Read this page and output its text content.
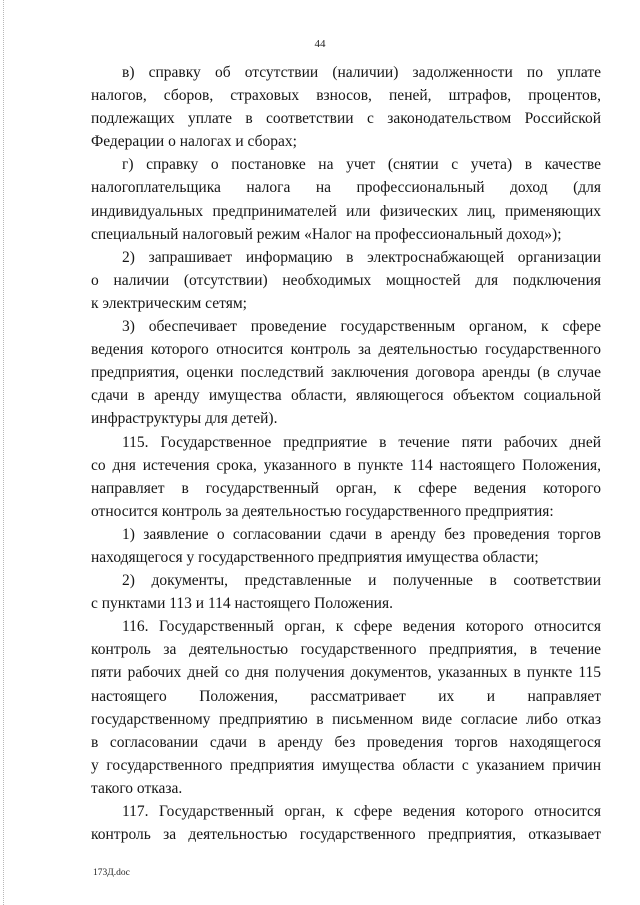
44
в) справку об отсутствии (наличии) задолженности по уплате
налогов, сборов, страховых взносов, пеней, штрафов, процентов,
подлежащих уплате в соответствии с законодательством Российской
Федерации о налогах и сборах;
г) справку о постановке на учет (снятии с учета) в качестве
налогоплательщика налога на профессиональный доход (для
индивидуальных предпринимателей или физических лиц, применяющих
специальный налоговый режим «Налог на профессиональный доход»);
2) запрашивает информацию в электроснабжающей организации
о наличии (отсутствии) необходимых мощностей для подключения
к электрическим сетям;
3) обеспечивает проведение государственным органом, к сфере
ведения которого относится контроль за деятельностью государственного
предприятия, оценки последствий заключения договора аренды (в случае
сдачи в аренду имущества области, являющегося объектом социальной
инфраструктуры для детей).
115. Государственное предприятие в течение пяти рабочих дней
со дня истечения срока, указанного в пункте 114 настоящего Положения,
направляет в государственный орган, к сфере ведения которого
относится контроль за деятельностью государственного предприятия:
1) заявление о согласовании сдачи в аренду без проведения торгов
находящегося у государственного предприятия имущества области;
2) документы, представленные и полученные в соответствии
с пунктами 113 и 114 настоящего Положения.
116. Государственный орган, к сфере ведения которого относится
контроль за деятельностью государственного предприятия, в течение
пяти рабочих дней со дня получения документов, указанных в пункте 115
настоящего Положения, рассматривает их и направляет
государственному предприятию в письменном виде согласие либо отказ
в согласовании сдачи в аренду без проведения торгов находящегося
у государственного предприятия имущества области с указанием причин
такого отказа.
117. Государственный орган, к сфере ведения которого относится
контроль за деятельностью государственного предприятия, отказывает
173Д.doc
